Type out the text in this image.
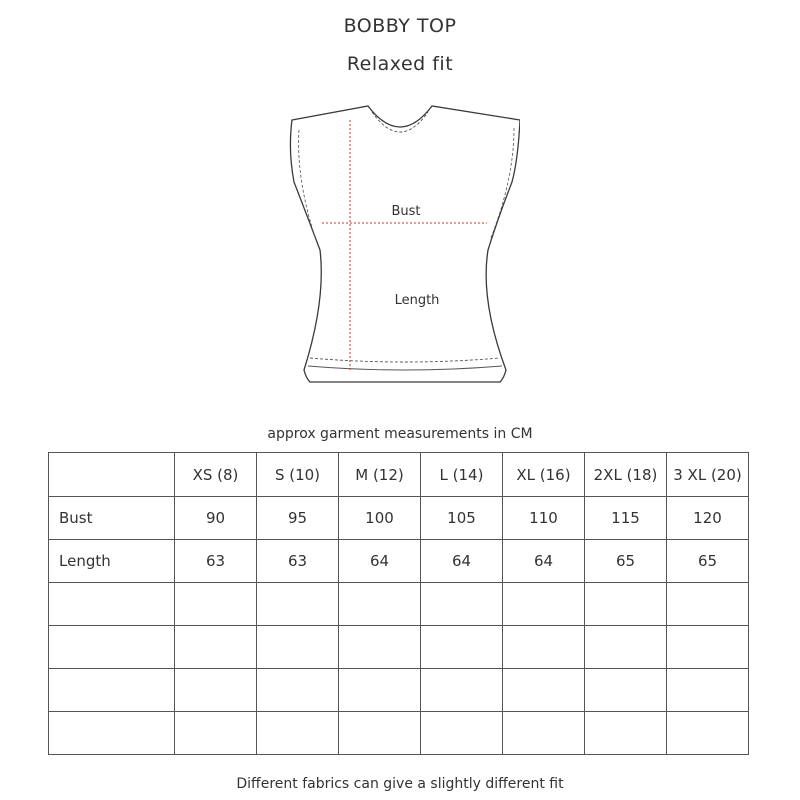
BOBBY TOP
Relaxed fit
Bust
Length
approx garment measurements in CM
	XS (8)	S (10)	M (12)	L (14)	XL (16)	2XL (18)	3 XL (20)
Bust	90	95	100	105	110	115	120
Length	63	63	64	64	64	65	65

Different fabrics can give a slightly different fit
